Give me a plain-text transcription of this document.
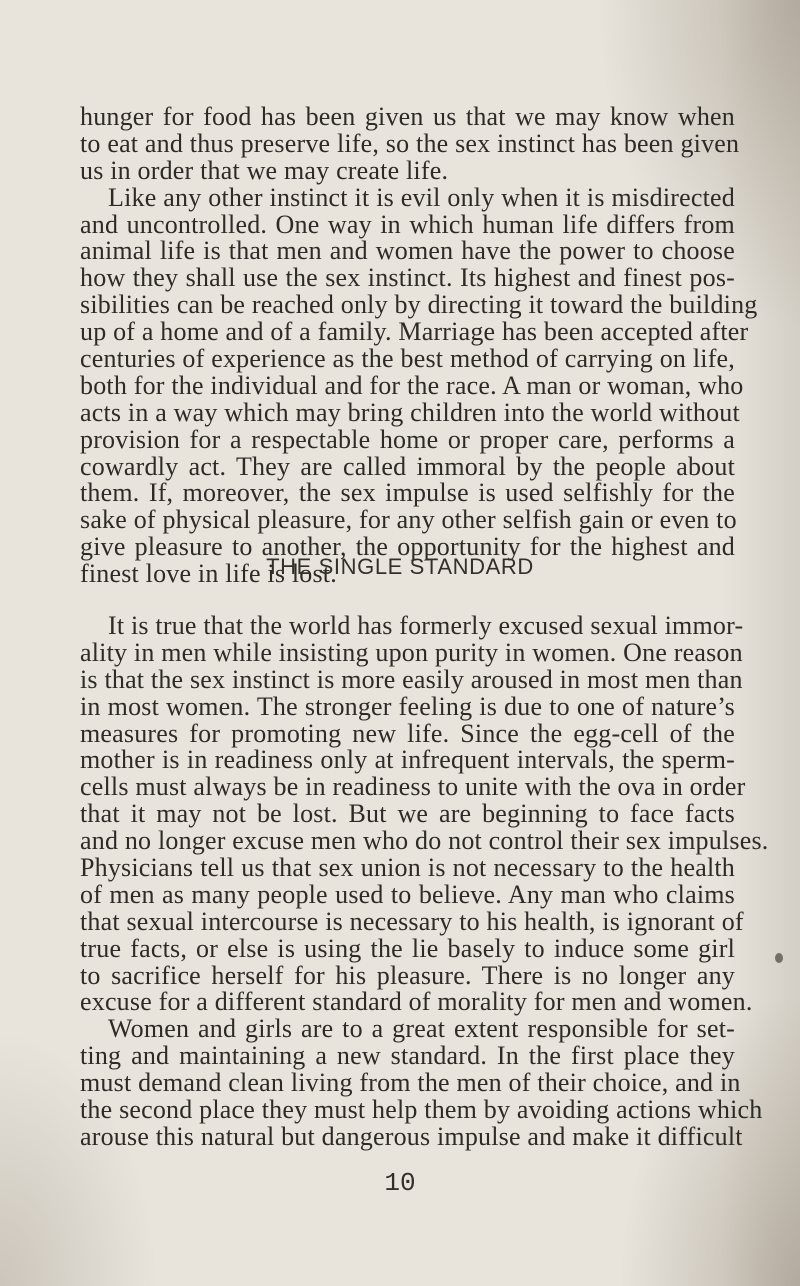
hunger for food has been given us that we may know when
to eat and thus preserve life, so the sex instinct has been given
us in order that we may create life.
Like any other instinct it is evil only when it is misdirected
and uncontrolled. One way in which human life differs from
animal life is that men and women have the power to choose
how they shall use the sex instinct. Its highest and finest pos-
sibilities can be reached only by directing it toward the building
up of a home and of a family. Marriage has been accepted after
centuries of experience as the best method of carrying on life,
both for the individual and for the race. A man or woman, who
acts in a way which may bring children into the world without
provision for a respectable home or proper care, performs a
cowardly act. They are called immoral by the people about
them. If, moreover, the sex impulse is used selfishly for the
sake of physical pleasure, for any other selfish gain or even to
give pleasure to another, the opportunity for the highest and
finest love in life is lost.
THE SINGLE STANDARD
It is true that the world has formerly excused sexual immor-
ality in men while insisting upon purity in women. One reason
is that the sex instinct is more easily aroused in most men than
in most women. The stronger feeling is due to one of nature’s
measures for promoting new life. Since the egg-cell of the
mother is in readiness only at infrequent intervals, the sperm-
cells must always be in readiness to unite with the ova in order
that it may not be lost. But we are beginning to face facts
and no longer excuse men who do not control their sex impulses.
Physicians tell us that sex union is not necessary to the health
of men as many people used to believe. Any man who claims
that sexual intercourse is necessary to his health, is ignorant of
true facts, or else is using the lie basely to induce some girl
to sacrifice herself for his pleasure. There is no longer any
excuse for a different standard of morality for men and women.
Women and girls are to a great extent responsible for set-
ting and maintaining a new standard. In the first place they
must demand clean living from the men of their choice, and in
the second place they must help them by avoiding actions which
arouse this natural but dangerous impulse and make it difficult
10
